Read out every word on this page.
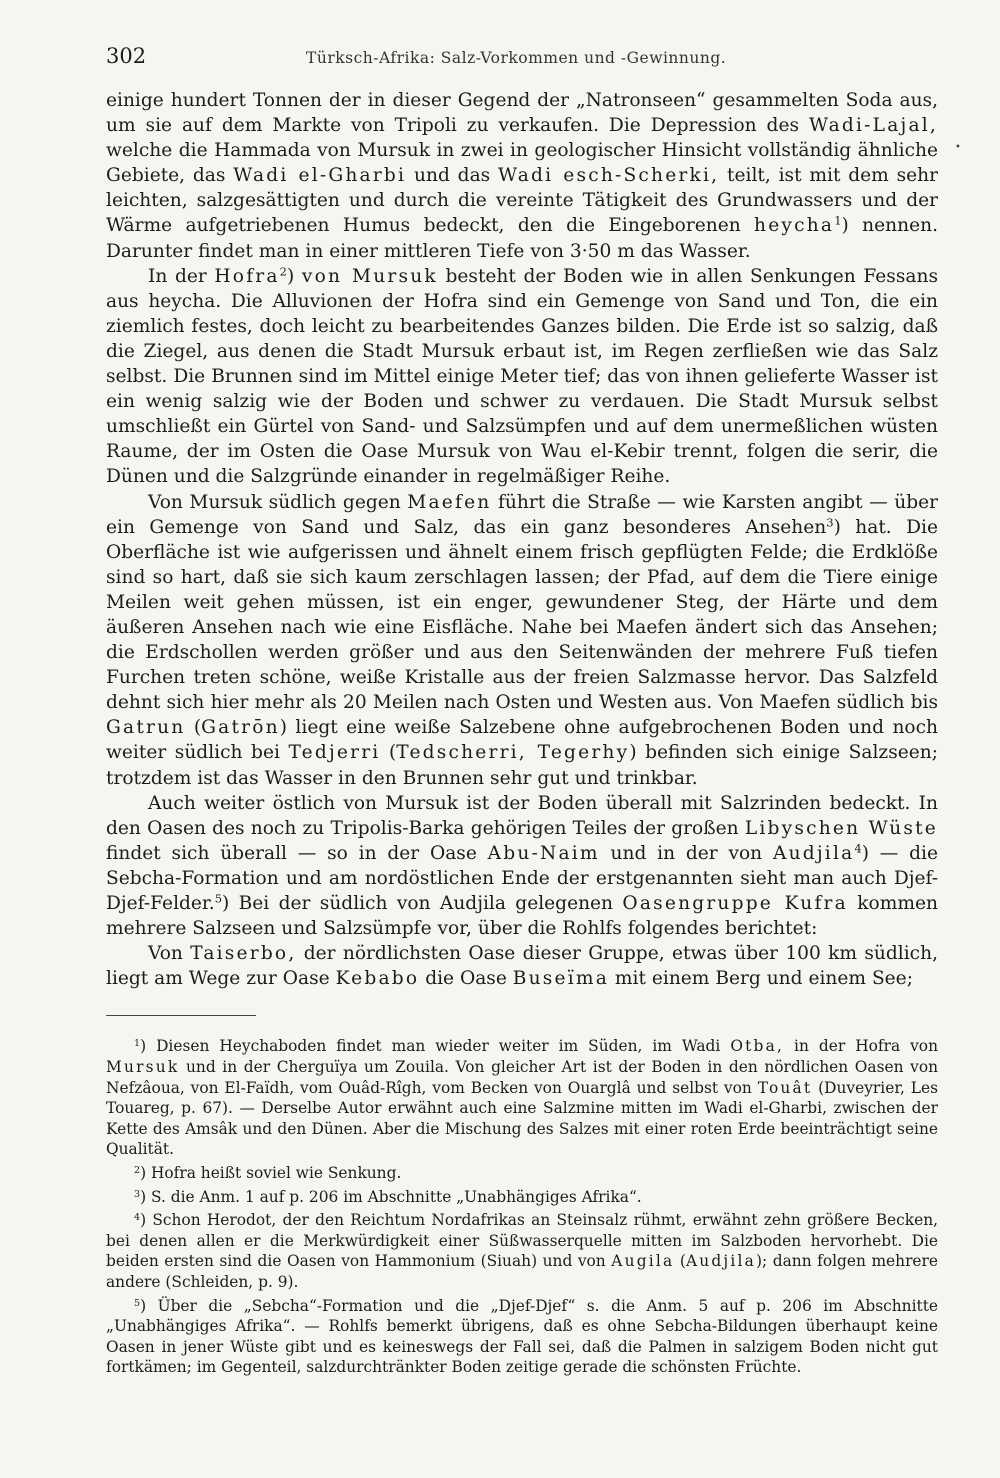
302	Türksch-Afrika: Salz-Vorkommen und -Gewinnung.
•

einige hundert Tonnen der in dieser Gegend der „Natronseen“ gesammelten Soda aus, um sie auf dem Markte von Tripoli zu verkaufen. Die Depression des Wadi-Lajal, welche die Hammada von Mursuk in zwei in geologischer Hinsicht vollständig ähnliche Gebiete, das Wadi el-Gharbi und das Wadi esch-Scherki, teilt, ist mit dem sehr leichten, salzgesättigten und durch die vereinte Tätigkeit des Grundwassers und der Wärme aufgetriebenen Humus bedeckt, den die Eingeborenen heycha$^1$) nennen. Darunter findet man in einer mittleren Tiefe von 3·50 m das Wasser.

In der Hofra$^2$) von Mursuk besteht der Boden wie in allen Senkungen Fessans aus heycha. Die Alluvionen der Hofra sind ein Gemenge von Sand und Ton, die ein ziemlich festes, doch leicht zu bearbeitendes Ganzes bilden. Die Erde ist so salzig, daß die Ziegel, aus denen die Stadt Mursuk erbaut ist, im Regen zerfließen wie das Salz selbst. Die Brunnen sind im Mittel einige Meter tief; das von ihnen gelieferte Wasser ist ein wenig salzig wie der Boden und schwer zu verdauen. Die Stadt Mursuk selbst umschließt ein Gürtel von Sand- und Salzsümpfen und auf dem unermeßlichen wüsten Raume, der im Osten die Oase Mursuk von Wau el-Kebir trennt, folgen die serir, die Dünen und die Salzgründe einander in regelmäßiger Reihe.

Von Mursuk südlich gegen Maefen führt die Straße — wie Karsten angibt — über ein Gemenge von Sand und Salz, das ein ganz besonderes Ansehen$^3$) hat. Die Oberfläche ist wie aufgerissen und ähnelt einem frisch gepflügten Felde; die Erdklöße sind so hart, daß sie sich kaum zerschlagen lassen; der Pfad, auf dem die Tiere einige Meilen weit gehen müssen, ist ein enger, gewundener Steg, der Härte und dem äußeren Ansehen nach wie eine Eisfläche. Nahe bei Maefen ändert sich das Ansehen; die Erdschollen werden größer und aus den Seitenwänden der mehrere Fuß tiefen Furchen treten schöne, weiße Kristalle aus der freien Salzmasse hervor. Das Salzfeld dehnt sich hier mehr als 20 Meilen nach Osten und Westen aus. Von Maefen südlich bis Gatrun (Gatrōn) liegt eine weiße Salzebene ohne aufgebrochenen Boden und noch weiter südlich bei Tedjerri (Tedscherri, Tegerhy) befinden sich einige Salzseen; trotzdem ist das Wasser in den Brunnen sehr gut und trinkbar.

Auch weiter östlich von Mursuk ist der Boden überall mit Salzrinden bedeckt. In den Oasen des noch zu Tripolis-Barka gehörigen Teiles der großen Libyschen Wüste findet sich überall — so in der Oase Abu-Naim und in der von Audjila$^4$) — die Sebcha-Formation und am nordöstlichen Ende der erstgenannten sieht man auch Djef-Djef-Felder.$^5$) Bei der südlich von Audjila gelegenen Oasengruppe Kufra kommen mehrere Salzseen und Salzsümpfe vor, über die Rohlfs folgendes berichtet:

Von Taiserbo, der nördlichsten Oase dieser Gruppe, etwas über 100 km südlich, liegt am Wege zur Oase Kebabo die Oase Buseïma mit einem Berg und einem See;

$^1$) Diesen Heychaboden findet man wieder weiter im Süden, im Wadi Otba, in der Hofra von Mursuk und in der Cherguïya um Zouila. Von gleicher Art ist der Boden in den nördlichen Oasen von Nefzâoua, von El-Faïdh, vom Ouâd-Rîgh, vom Becken von Ouarglâ und selbst von Touât (Duveyrier, Les Touareg, p. 67). — Derselbe Autor erwähnt auch eine Salzmine mitten im Wadi el-Gharbi, zwischen der Kette des Amsâk und den Dünen. Aber die Mischung des Salzes mit einer roten Erde beeinträchtigt seine Qualität.

$^2$) Hofra heißt soviel wie Senkung.

$^3$) S. die Anm. 1 auf p. 206 im Abschnitte „Unabhängiges Afrika“.

$^4$) Schon Herodot, der den Reichtum Nordafrikas an Steinsalz rühmt, erwähnt zehn größere Becken, bei denen allen er die Merkwürdigkeit einer Süßwasserquelle mitten im Salzboden hervorhebt. Die beiden ersten sind die Oasen von Hammonium (Siuah) und von Augila (Audjila); dann folgen mehrere andere (Schleiden, p. 9).

$^5$) Über die „Sebcha“-Formation und die „Djef-Djef“ s. die Anm. 5 auf p. 206 im Abschnitte „Unabhängiges Afrika“. — Rohlfs bemerkt übrigens, daß es ohne Sebcha-Bildungen überhaupt keine Oasen in jener Wüste gibt und es keineswegs der Fall sei, daß die Palmen in salzigem Boden nicht gut fortkämen; im Gegenteil, salzdurchtränkter Boden zeitige gerade die schönsten Früchte.
